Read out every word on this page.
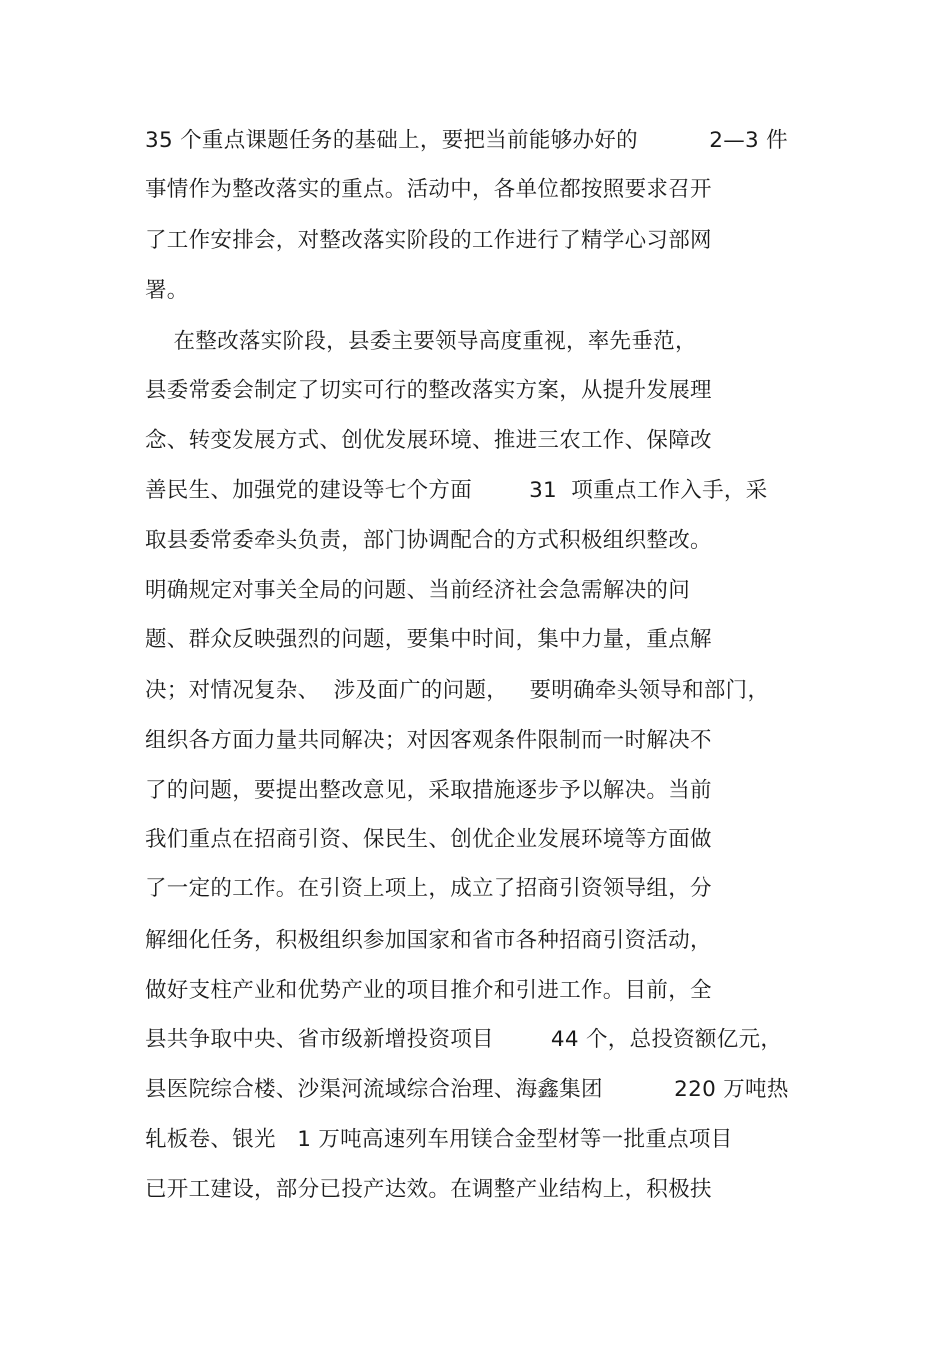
35 个重点课题任务的基础上，要把当前能够办好的          2—3 件
事情作为整改落实的重点。活动中，各单位都按照要求召开
了工作安排会，对整改落实阶段的工作进行了精学心习部网
署。
在整改落实阶段，县委主要领导高度重视，率先垂范，
县委常委会制定了切实可行的整改落实方案，从提升发展理
念、转变发展方式、创优发展环境、推进三农工作、保障改
善民生、加强党的建设等七个方面        31  项重点工作入手，采
取县委常委牵头负责，部门协调配合的方式积极组织整改。
明确规定对事关全局的问题、当前经济社会急需解决的问
题、群众反映强烈的问题，要集中时间，集中力量，重点解
决；对情况复杂、  涉及面广的问题，   要明确牵头领导和部门，
组织各方面力量共同解决；对因客观条件限制而一时解决不
了的问题，要提出整改意见，采取措施逐步予以解决。当前
我们重点在招商引资、保民生、创优企业发展环境等方面做
了一定的工作。在引资上项上，成立了招商引资领导组，分
解细化任务，积极组织参加国家和省市各种招商引资活动，
做好支柱产业和优势产业的项目推介和引进工作。目前，全
县共争取中央、省市级新增投资项目        44 个，总投资额亿元，
县医院综合楼、沙渠河流域综合治理、海鑫集团          220 万吨热
轧板卷、银光   1 万吨高速列车用镁合金型材等一批重点项目
已开工建设，部分已投产达效。在调整产业结构上，积极扶
